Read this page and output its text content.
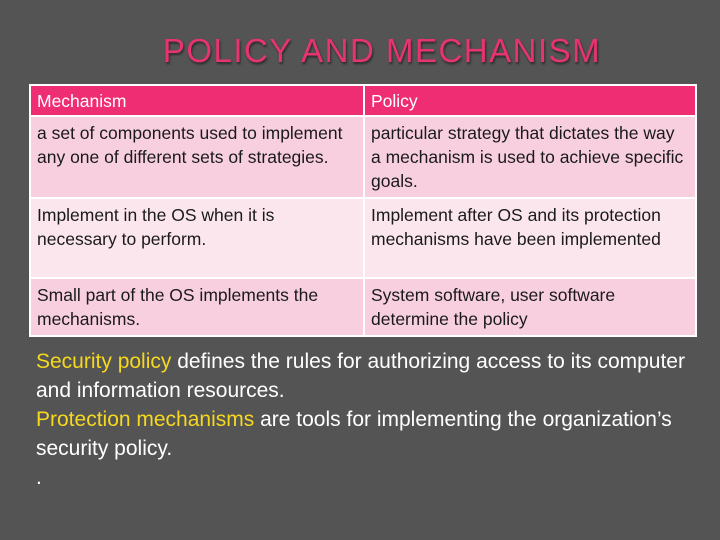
POLICY AND MECHANISM
Mechanism	Policy
a set of components used to implement any one of different sets of strategies.	particular strategy that dictates the way a mechanism is used to achieve specific goals.
Implement in the OS when it is necessary to perform.	Implement after OS and its protection mechanisms have been implemented
Small part of the OS implements the mechanisms.	System software, user software determine the policy

Security policy defines the rules for authorizing access to its computer and information resources.

Protection mechanisms are tools for implementing the organization’s security policy.

.
